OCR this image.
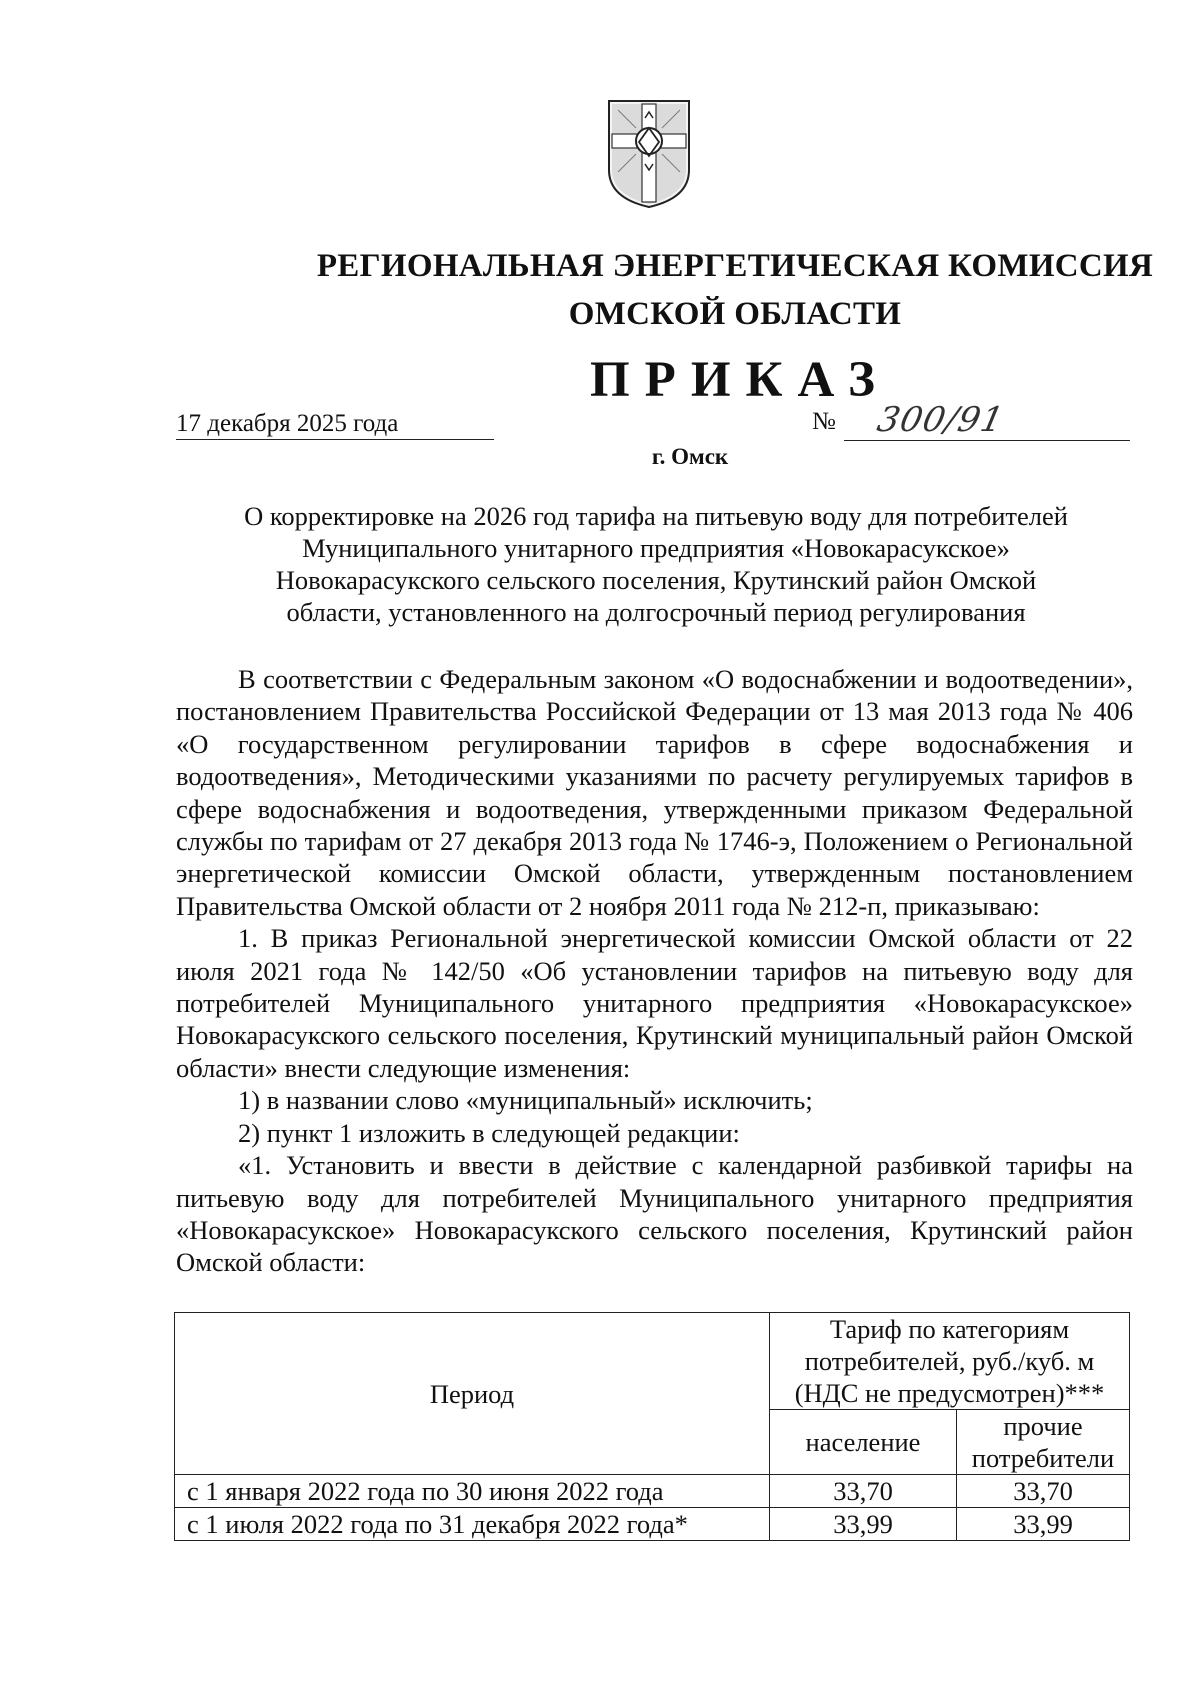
РЕГИОНАЛЬНАЯ ЭНЕРГЕТИЧЕСКАЯ КОМИССИЯ
ОМСКОЙ ОБЛАСТИ
ПРИКАЗ
17 декабря 2025 года	№ 300/91
г. Омск
О корректировке на 2026 год тарифа на питьевую воду для потребителей
Муниципального унитарного предприятия «Новокарасукское»
Новокарасукского сельского поселения, Крутинский район Омской
области, установленного на долгосрочный период регулирования

В соответствии с Федеральным законом «О водоснабжении и водоотведении», постановлением Правительства Российской Федерации от 13 мая 2013 года № 406 «О государственном регулировании тарифов в сфере водоснабжения и водоотведения», Методическими указаниями по расчету регулируемых тарифов в сфере водоснабжения и водоотведения, утвержденными приказом Федеральной службы по тарифам от 27 декабря 2013 года № 1746-э, Положением о Региональной энергетической комиссии Омской области, утвержденным постановлением Правительства Омской области от 2 ноября 2011 года № 212-п, приказываю:

1. В приказ Региональной энергетической комиссии Омской области от 22 июля 2021 года № 142/50 «Об установлении тарифов на питьевую воду для потребителей Муниципального унитарного предприятия «Новокарасукское» Новокарасукского сельского поселения, Крутинский муниципальный район Омской области» внести следующие изменения:

1) в названии слово «муниципальный» исключить;

2) пункт 1 изложить в следующей редакции:

«1. Установить и ввести в действие с календарной разбивкой тарифы на питьевую воду для потребителей Муниципального унитарного предприятия «Новокарасукское» Новокарасукского сельского поселения, Крутинский район Омской области:

Период	Тариф по категориям потребителей, руб./куб. м (НДС не предусмотрен)***	
	население	прочие потребители
с 1 января 2022 года по 30 июня 2022 года	33,70	33,70
с 1 июля 2022 года по 31 декабря 2022 года*	33,99	33,99
